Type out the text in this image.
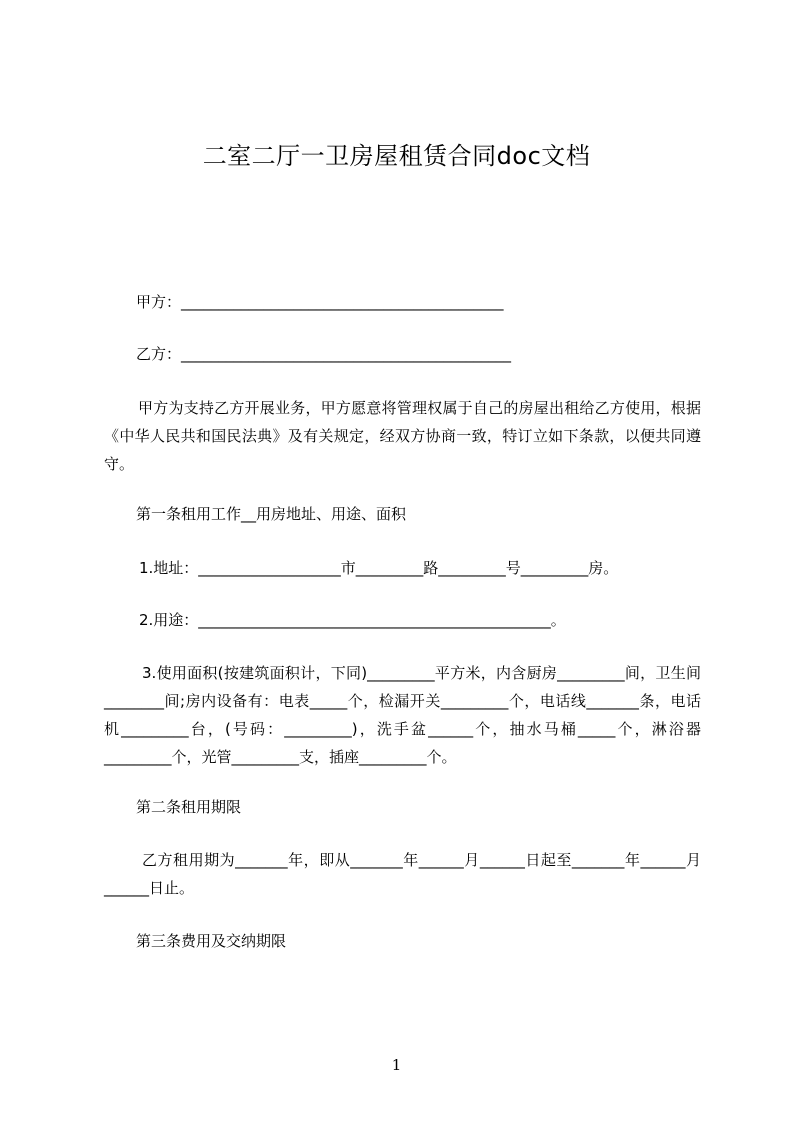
二室二厅一卫房屋租赁合同doc文档
甲方：___________________________________________
乙方：____________________________________________
甲方为支持乙方开展业务，甲方愿意将管理权属于自己的房屋出租给乙方使用，根据《中华人民共和国民法典》及有关规定，经双方协商一致，特订立如下条款，以便共同遵守。
第一条租用工作__用房地址、用途、面积
1.地址：___________________市_________路_________号_________房。
2.用途：_______________________________________________。
3.使用面积(按建筑面积计，下同)_________平方米，内含厨房_________间，卫生间________间;房内设备有：电表_____个，检漏开关_________个，电话线_______条，电话机_________台，(号码：_________)，洗手盆______个，抽水马桶_____个，淋浴器_________个，光管_________支，插座_________个。
第二条租用期限
乙方租用期为_______年，即从_______年______月______日起至_______年______月______日止。
第三条费用及交纳期限
1
